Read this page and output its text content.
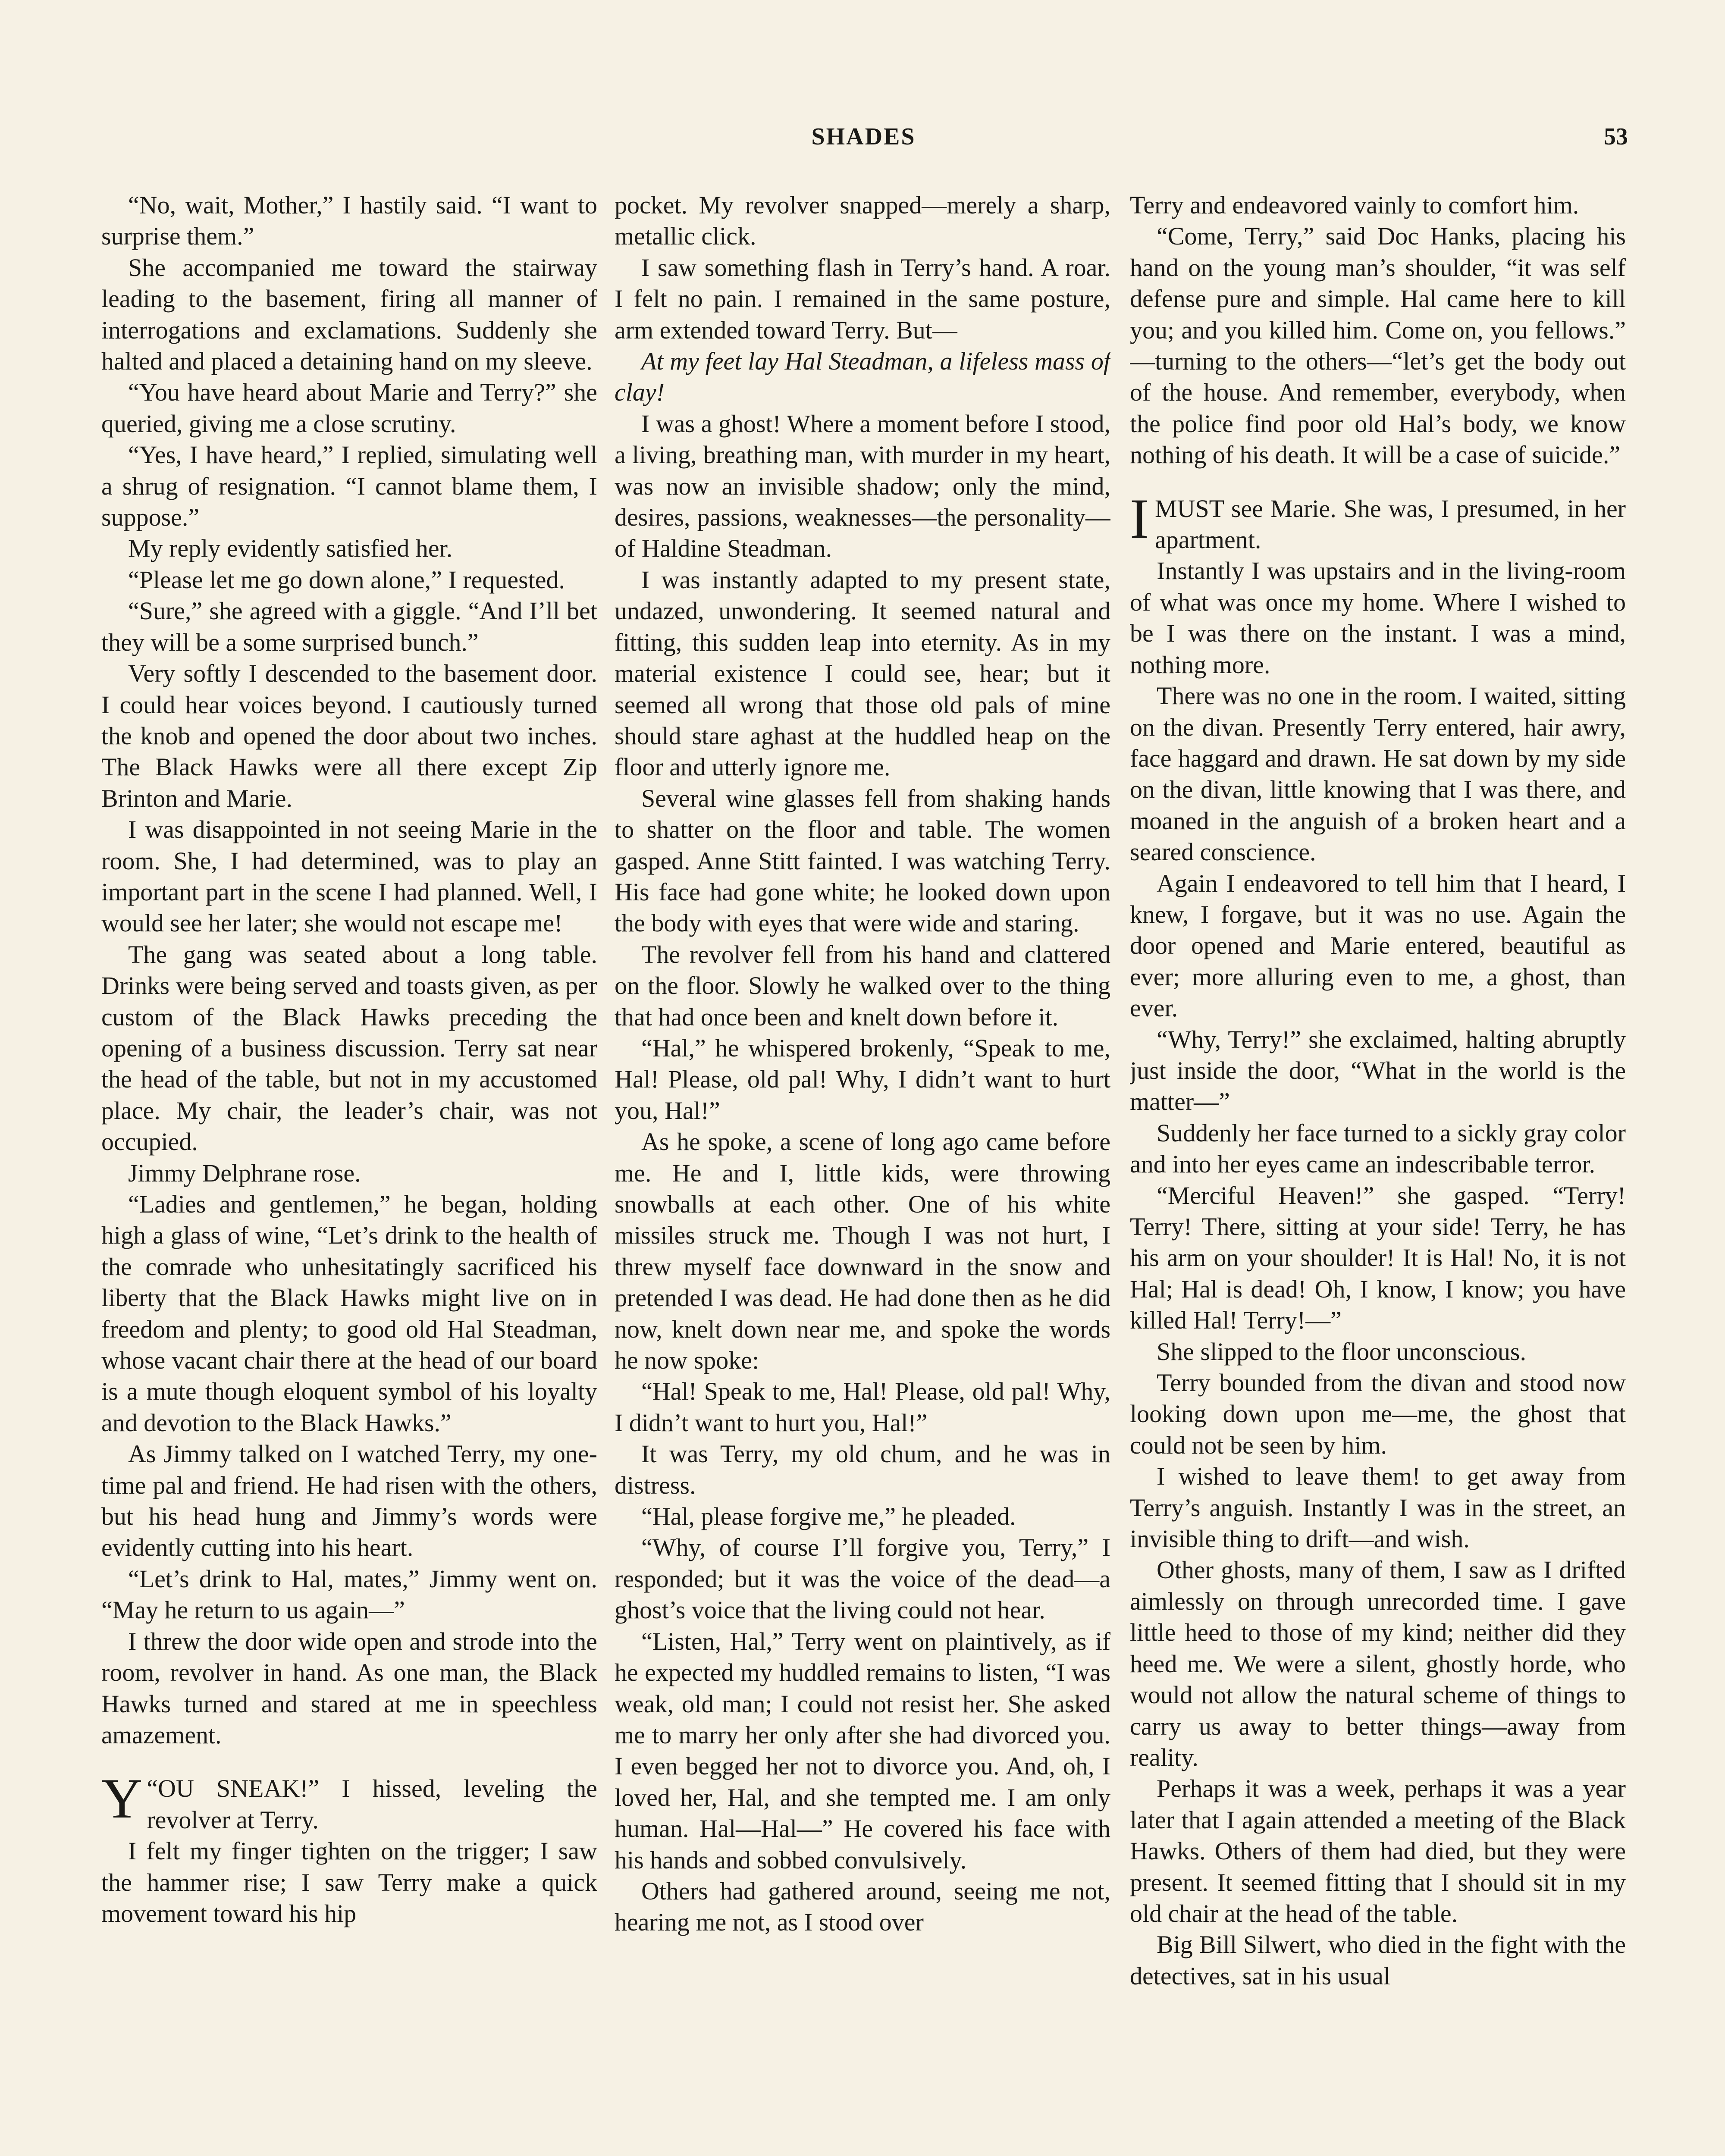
SHADES	53

“No, wait, Mother,” I hastily said. “I want to surprise them.”

She accompanied me toward the stairway leading to the basement, firing all manner of interrogations and exclamations. Suddenly she halted and placed a detaining hand on my sleeve.

“You have heard about Marie and Terry?” she queried, giving me a close scrutiny.

“Yes, I have heard,” I replied, simulating well a shrug of resignation. “I cannot blame them, I suppose.”

My reply evidently satisfied her.

“Please let me go down alone,” I requested.

“Sure,” she agreed with a giggle. “And I’ll bet they will be a some surprised bunch.”

Very softly I descended to the basement door. I could hear voices beyond. I cautiously turned the knob and opened the door about two inches. The Black Hawks were all there except Zip Brinton and Marie.

I was disappointed in not seeing Marie in the room. She, I had determined, was to play an important part in the scene I had planned. Well, I would see her later; she would not escape me!

The gang was seated about a long table. Drinks were being served and toasts given, as per custom of the Black Hawks preceding the opening of a business discussion. Terry sat near the head of the table, but not in my accustomed place. My chair, the leader’s chair, was not occupied.

Jimmy Delphrane rose.

“Ladies and gentlemen,” he began, holding high a glass of wine, “Let’s drink to the health of the comrade who unhesitatingly sacrificed his liberty that the Black Hawks might live on in freedom and plenty; to good old Hal Steadman, whose vacant chair there at the head of our board is a mute though eloquent symbol of his loyalty and devotion to the Black Hawks.”

As Jimmy talked on I watched Terry, my one-time pal and friend. He had risen with the others, but his head hung and Jimmy’s words were evidently cutting into his heart.

“Let’s drink to Hal, mates,” Jimmy went on. “May he return to us again—”

I threw the door wide open and strode into the room, revolver in hand. As one man, the Black Hawks turned and stared at me in speechless amazement.

“
Y OU SNEAK!” I hissed, leveling the revolver at Terry.

I felt my finger tighten on the trigger; I saw the hammer rise; I saw Terry make a quick movement toward his hip

pocket. My revolver snapped—merely a sharp, metallic click.

I saw something flash in Terry’s hand. A roar. I felt no pain. I remained in the same posture, arm extended toward Terry. But—

At my feet lay Hal Steadman, a lifeless mass of clay!

I was a ghost! Where a moment before I stood, a living, breathing man, with murder in my heart, was now an invisible shadow; only the mind, desires, passions, weaknesses—the personality—of Haldine Steadman.

I was instantly adapted to my present state, undazed, unwondering. It seemed natural and fitting, this sudden leap into eternity. As in my material existence I could see, hear; but it seemed all wrong that those old pals of mine should stare aghast at the huddled heap on the floor and utterly ignore me.

Several wine glasses fell from shaking hands to shatter on the floor and table. The women gasped. Anne Stitt fainted. I was watching Terry. His face had gone white; he looked down upon the body with eyes that were wide and staring.

The revolver fell from his hand and clattered on the floor. Slowly he walked over to the thing that had once been and knelt down before it.

“Hal,” he whispered brokenly, “Speak to me, Hal! Please, old pal! Why, I didn’t want to hurt you, Hal!”

As he spoke, a scene of long ago came before me. He and I, little kids, were throwing snowballs at each other. One of his white missiles struck me. Though I was not hurt, I threw myself face downward in the snow and pretended I was dead. He had done then as he did now, knelt down near me, and spoke the words he now spoke:

“Hal! Speak to me, Hal! Please, old pal! Why, I didn’t want to hurt you, Hal!”

It was Terry, my old chum, and he was in distress.

“Hal, please forgive me,” he pleaded.

“Why, of course I’ll forgive you, Terry,” I responded; but it was the voice of the dead—a ghost’s voice that the living could not hear.

“Listen, Hal,” Terry went on plaintively, as if he expected my huddled remains to listen, “I was weak, old man; I could not resist her. She asked me to marry her only after she had divorced you. I even begged her not to divorce you. And, oh, I loved her, Hal, and she tempted me. I am only human. Hal—Hal—” He covered his face with his hands and sobbed convulsively.

Others had gathered around, seeing me not, hearing me not, as I stood over

Terry and endeavored vainly to comfort him.

“Come, Terry,” said Doc Hanks, placing his hand on the young man’s shoulder, “it was self defense pure and simple. Hal came here to kill you; and you killed him. Come on, you fellows.” —turning to the others—“let’s get the body out of the house. And remember, everybody, when the police find poor old Hal’s body, we know nothing of his death. It will be a case of suicide.”

IMUST see Marie. She was, I presumed, in her apartment.

Instantly I was upstairs and in the living-room of what was once my home. Where I wished to be I was there on the instant. I was a mind, nothing more.

There was no one in the room. I waited, sitting on the divan. Presently Terry entered, hair awry, face haggard and drawn. He sat down by my side on the divan, little knowing that I was there, and moaned in the anguish of a broken heart and a seared conscience.

Again I endeavored to tell him that I heard, I knew, I forgave, but it was no use. Again the door opened and Marie entered, beautiful as ever; more alluring even to me, a ghost, than ever.

“Why, Terry!” she exclaimed, halting abruptly just inside the door, “What in the world is the matter—”

Suddenly her face turned to a sickly gray color and into her eyes came an indescribable terror.

“Merciful Heaven!” she gasped. “Terry! Terry! There, sitting at your side! Terry, he has his arm on your shoulder! It is Hal! No, it is not Hal; Hal is dead! Oh, I know, I know; you have killed Hal! Terry!—”

She slipped to the floor unconscious.

Terry bounded from the divan and stood now looking down upon me—me, the ghost that could not be seen by him.

I wished to leave them! to get away from Terry’s anguish. Instantly I was in the street, an invisible thing to drift—and wish.

Other ghosts, many of them, I saw as I drifted aimlessly on through unrecorded time. I gave little heed to those of my kind; neither did they heed me. We were a silent, ghostly horde, who would not allow the natural scheme of things to carry us away to better things—away from reality.

Perhaps it was a week, perhaps it was a year later that I again attended a meeting of the Black Hawks. Others of them had died, but they were present. It seemed fitting that I should sit in my old chair at the head of the table.

Big Bill Silwert, who died in the fight with the detectives, sat in his usual
